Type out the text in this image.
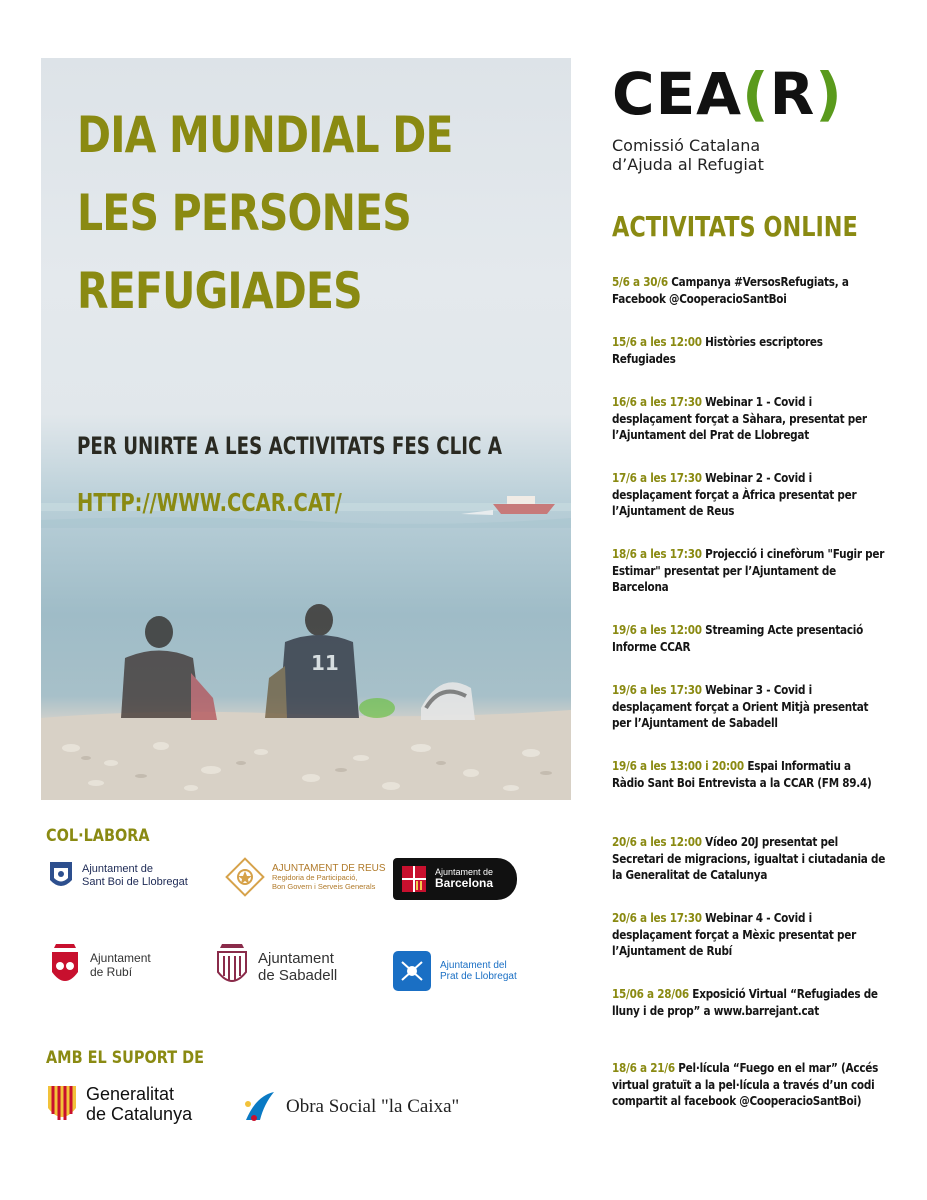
11
DIA MUNDIAL DE
LES PERSONES
REFUGIADES
PER UNIRTE A LES ACTIVITATS FES CLIC A
HTTP://WWW.CCAR.CAT/
CEA(R)
Comissió Catalana
d’Ajuda al Refugiat
ACTIVITATS ONLINE

5/6 a 30/6 Campanya #VersosRefugiats, a Facebook @CooperacioSantBoi

15/6 a les 12:00 Històries escriptores Refugiades

16/6 a les 17:30 Webinar 1 - Covid i desplaçament forçat a Sàhara, presentat per l’Ajuntament del Prat de Llobregat

17/6 a les 17:30 Webinar 2 - Covid i desplaçament forçat a Àfrica presentat per l’Ajuntament de Reus

18/6 a les 17:30 Projecció i cinefòrum "Fugir per Estimar" presentat per l’Ajuntament de Barcelona

19/6 a les 12:00 Streaming Acte presentació Informe CCAR

19/6 a les 17:30 Webinar 3 - Covid i desplaçament forçat a Orient Mitjà presentat per l’Ajuntament de Sabadell

19/6 a les 13:00 i 20:00 Espai Informatiu a Ràdio Sant Boi Entrevista a la CCAR (FM 89.4)

20/6 a les 12:00 Vídeo 20J presentat pel Secretari de migracions, igualtat i ciutadania de la Generalitat de Catalunya

20/6 a les 17:30 Webinar 4 - Covid i desplaçament forçat a Mèxic presentat per l’Ajuntament de Rubí

15/06 a 28/06 Exposició Virtual “Refugiades de lluny i de prop” a www.barrejant.cat

18/6 a 21/6 Pel·lícula “Fuego en el mar” (Accés virtual gratuït a la pel·lícula a través d’un codi compartit al facebook @CooperacioSantBoi)

COL·LABORA
Ajuntament de
Sant Boi de Llobregat
AJUNTAMENT DE REUS
Regidoria de Participació,
Bon Govern i Serveis Generals
Ajuntament de
Barcelona
Ajuntament
de Rubí
Ajuntament
de Sabadell
Ajuntament del
Prat de Llobregat
AMB EL SUPORT DE
Generalitat
de Catalunya	Obra Social "la Caixa"
